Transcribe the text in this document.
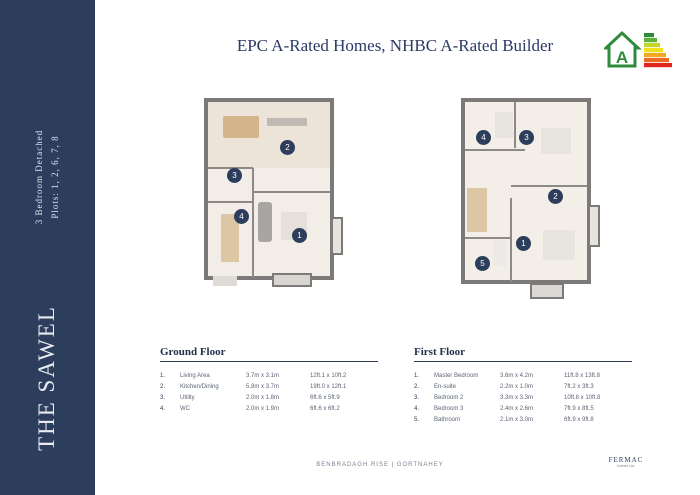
3 Bedroom Detached Plots: 1, 2, 6, 7, 8
THE SAWEL
EPC A-Rated Homes, NHBC A-Rated Builder
A
2
3
4
1
4	3
2
1
5
Ground Floor
1.	Living Area	3.7m x 3.1m	12ft.1 x 10ft.2
2.	Kitchen/Dining	5.8m x 3.7m	19ft.0 x 12ft.1
3.	Utility	2.0m x 1.8m	6ft.6 x 5ft.9
4.	WC	2.0m x 1.9m	6ft.6 x 6ft.2
First Floor
1.	Master Bedroom	3.6m x 4.2m	11ft.8 x 13ft.8
2.	En-suite	2.2m x 1.0m	7ft.2 x 3ft.3
3.	Bedroom 2	3.3m x 3.3m	10ft.8 x 10ft.8
4.	Bedroom 3	2.4m x 2.6m	7ft.9 x 8ft.5
5.	Bathroom	2.1m x 3.0m	6ft.9 x 9ft.8
BENBRADAGH RISE | GORTNAHEY
FERMAC
Homes Ltd.
